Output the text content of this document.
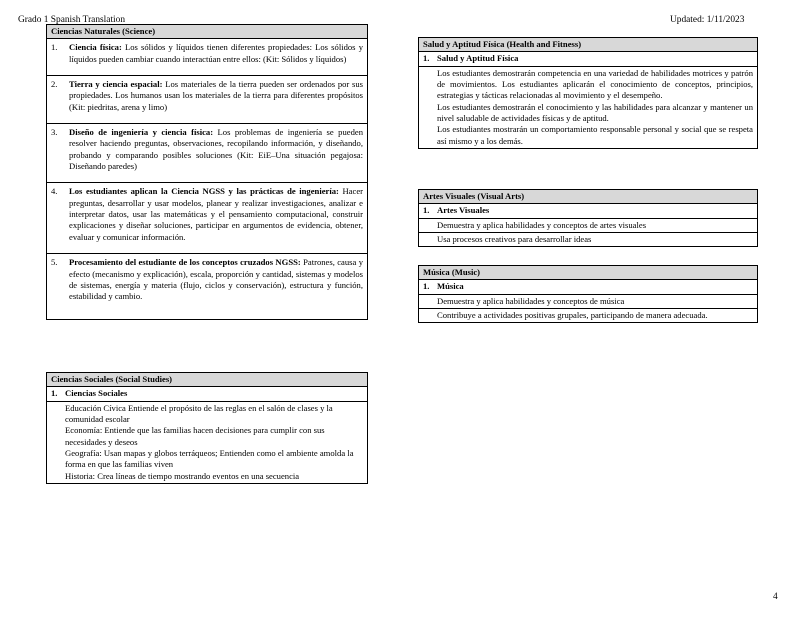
Grado 1 Spanish Translation	Updated: 1/11/2023
Ciencias Naturales (Science)

1.	Ciencia física: Los sólidos y líquidos tienen diferentes propiedades: Los sólidos y líquidos pueden cambiar cuando interactúan entre ellos: (Kit: Sólidos y líquidos)

2.	Tierra y ciencia espacial: Los materiales de la tierra pueden ser ordenados por sus propiedades. Los humanos usan los materiales de la tierra para diferentes propósitos (Kit: piedritas, arena y limo)

3.	Diseño de ingeniería y ciencia física: Los problemas de ingeniería se pueden resolver haciendo preguntas, observaciones, recopilando información, y diseñando, probando y comparando posibles soluciones (Kit: EiE–Una situación pegajosa: Diseñando paredes)

4.	Los estudiantes aplican la Ciencia NGSS y las prácticas de ingeniería: Hacer preguntas, desarrollar y usar modelos, planear y realizar investigaciones, analizar e interpretar datos, usar las matemáticas y el pensamiento computacional, construir explicaciones y diseñar soluciones, participar en argumentos de evidencia, obtener, evaluar y comunicar información.

5.	Procesamiento del estudiante de los conceptos cruzados NGSS: Patrones, causa y efecto (mecanismo y explicación), escala, proporción y cantidad, sistemas y modelos de sistemas, energía y materia (flujo, ciclos y conservación), estructura y función, estabilidad y cambio.
Ciencias Sociales (Social Studies)
1. Ciencias Sociales

Educación Cívica Entiende el propósito de las reglas en el salón de clases y la comunidad escolar

Economía: Entiende que las familias hacen decisiones para cumplir con sus necesidades y deseos

Geografía: Usan mapas y globos terráqueos; Entienden como el ambiente amolda la forma en que las familias viven

Historia: Crea líneas de tiempo mostrando eventos en una secuencia

Salud y Aptitud Física (Health and Fitness)
1. Salud y Aptitud Física

Los estudiantes demostrarán competencia en una variedad de habilidades motrices y patrón de movimientos. Los estudiantes aplicarán el conocimiento de conceptos, principios, estrategias y tácticas relacionadas al movimiento y el desempeño.

Los estudiantes demostrarán el conocimiento y las habilidades para alcanzar y mantener un nivel saludable de actividades físicas y de aptitud.

Los estudiantes mostrarán un comportamiento responsable personal y social que se respeta así mismo y a los demás.

Artes Visuales (Visual Arts)
1. Artes Visuales
Demuestra y aplica habilidades y conceptos de artes visuales
Usa procesos creativos para desarrollar ideas
Música (Music)
1. Música
Demuestra y aplica habilidades y conceptos de música
Contribuye a actividades positivas grupales, participando de manera adecuada.
4
